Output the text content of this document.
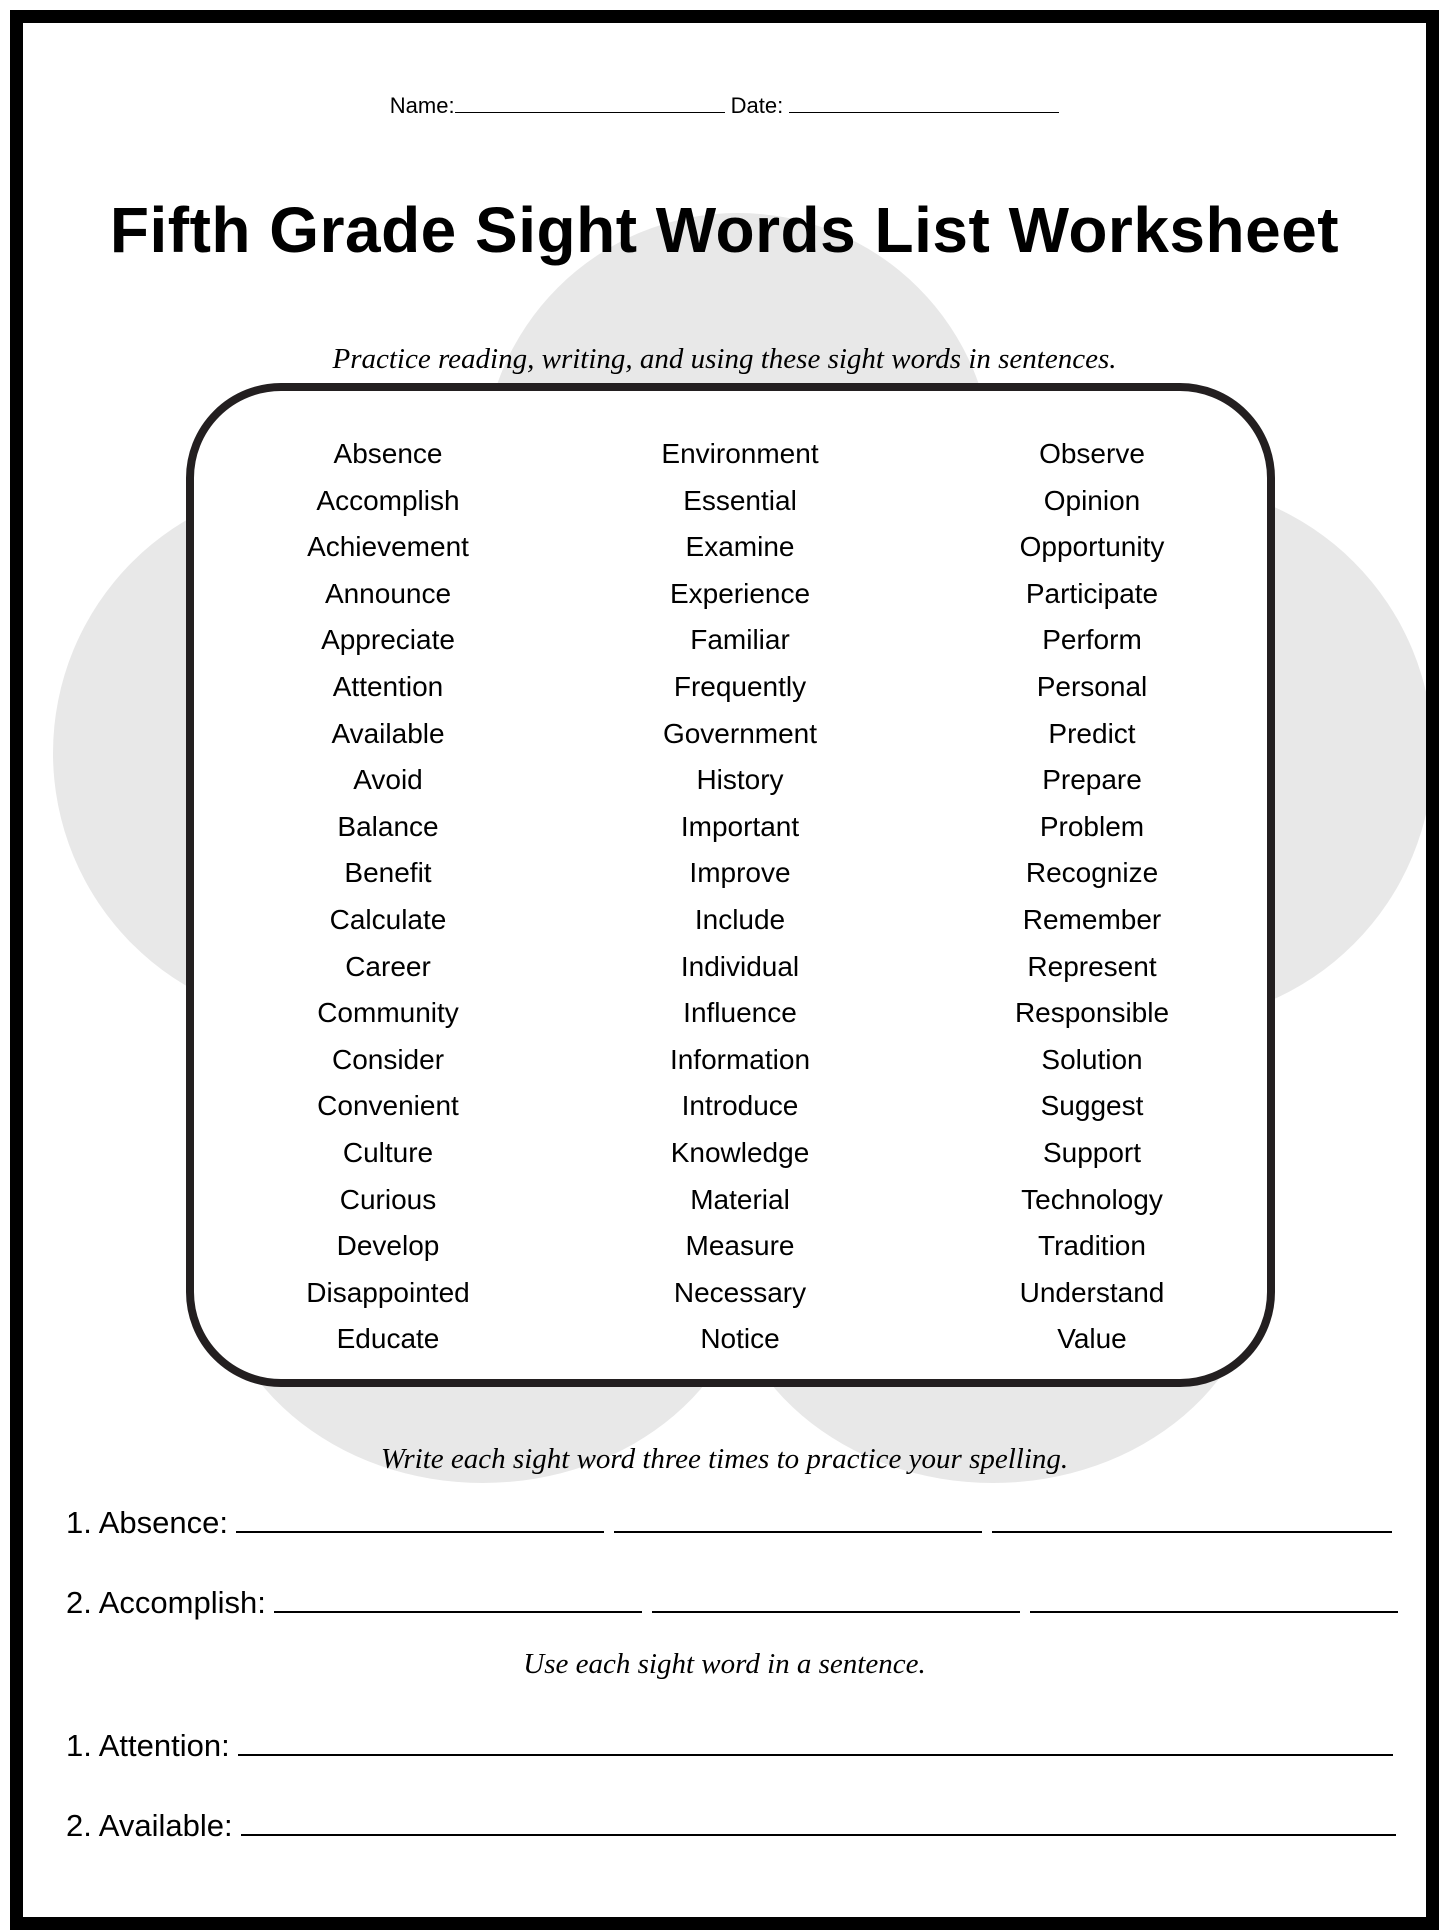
Name:	Date:
Fifth Grade Sight Words List Worksheet
Practice reading, writing, and using these sight words in sentences.
Absence
Accomplish
Achievement
Announce
Appreciate
Attention
Available
Avoid
Balance
Benefit
Calculate
Career
Community
Consider
Convenient
Culture
Curious
Develop
Disappointed
Educate
Environment
Essential
Examine
Experience
Familiar
Frequently
Government
History
Important
Improve
Include
Individual
Influence
Information
Introduce
Knowledge
Material
Measure
Necessary
Notice
Observe
Opinion
Opportunity
Participate
Perform
Personal
Predict
Prepare
Problem
Recognize
Remember
Represent
Responsible
Solution
Suggest
Support
Technology
Tradition
Understand
Value
Write each sight word three times to practice your spelling.
1. Absence:
2. Accomplish:
Use each sight word in a sentence.
1. Attention:
2. Available:
